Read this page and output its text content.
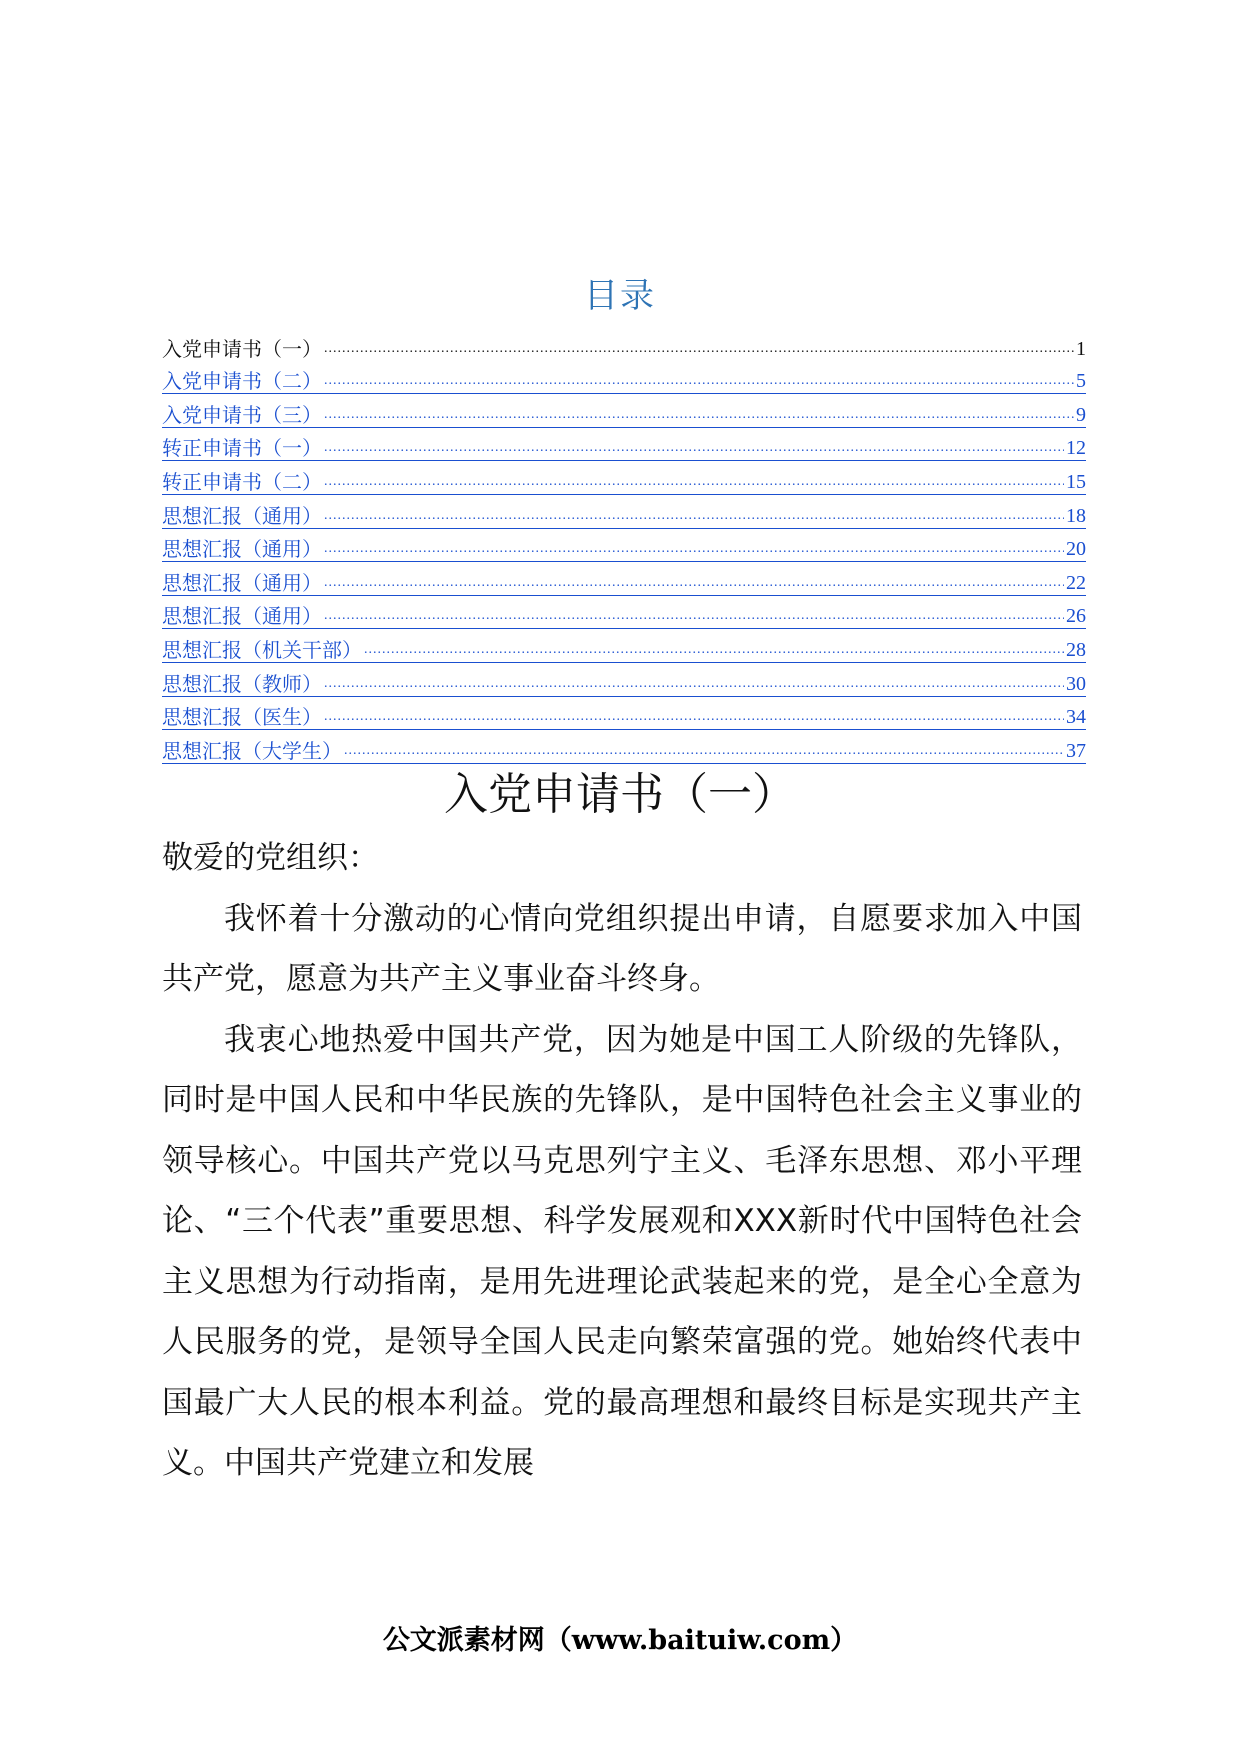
目录
入党申请书（一） .....	1
入党申请书（二） .....	5
入党申请书（三） .....	9
转正申请书（一） .....	12
转正申请书（二） .....	15
思想汇报（通用） .....	18
思想汇报（通用） .....	20
思想汇报（通用） .....	22
思想汇报（通用） .....	26
思想汇报（机关干部） .....	28
思想汇报（教师） .....	30
思想汇报（医生） .....	34
思想汇报（大学生） .....	37
入党申请书（一）

敬爱的党组织：

我怀着十分激动的心情向党组织提出申请，自愿要求加入中国共产党，愿意为共产主义事业奋斗终身。

我衷心地热爱中国共产党，因为她是中国工人阶级的先锋队，同时是中国人民和中华民族的先锋队，是中国特色社会主义事业的领导核心。中国共产党以马克思列宁主义、毛泽东思想、邓小平理论、“三个代表”重要思想、科学发展观和XXX新时代中国特色社会主义思想为行动指南，是用先进理论武装起来的党，是全心全意为人民服务的党，是领导全国人民走向繁荣富强的党。她始终代表中国最广大人民的根本利益。党的最高理想和最终目标是实现共产主义。中国共产党建立和发展

公文派素材网（www.baituiw.com）
